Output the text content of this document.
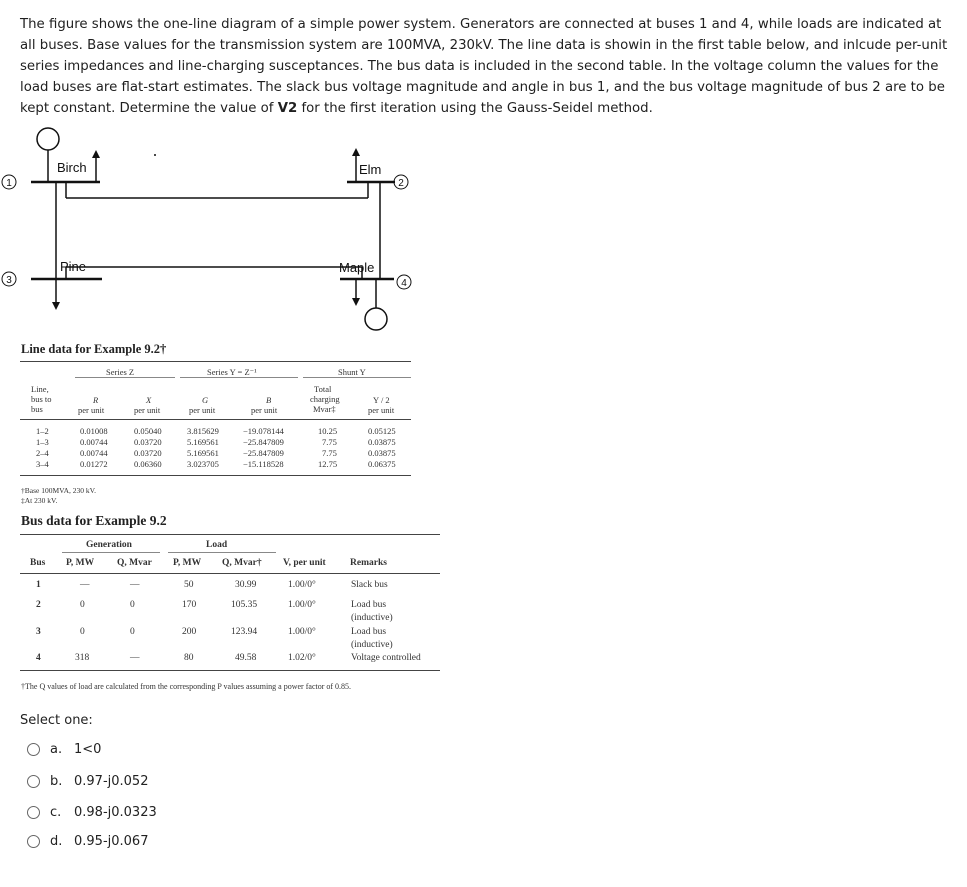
The figure shows the one-line diagram of a simple power system. Generators are connected at buses 1 and 4, while loads are indicated at all buses. Base values for the transmission system are 100MVA, 230kV. The line data is showin in the first table below, and inlcude per-unit series impedances and line-charging susceptances. The bus data is included in the second table. In the voltage column the values for the load buses are flat-start estimates. The slack bus voltage magnitude and angle in bus 1, and the bus voltage magnitude of bus 2 are to be kept constant. Determine the value of V2 for the first iteration using the Gauss-Seidel method.
1	2
3	4
Birch	Elm
Pine	Maple
Line data for Example 9.2†
Series Z	Series Y = Z⁻¹	Shunt Y
Line,
bus to
bus
R
per unit
X
per unit
G
per unit
B
per unit
Total
charging
Mvar‡
Y / 2
per unit
1–2	0.01008	0.05040	3.815629	−19.078144	10.25	0.05125
1–3	0.00744	0.03720	5.169561	−25.847809	7.75	0.03875
2–4	0.00744	0.03720	5.169561	−25.847809	7.75	0.03875
3–4	0.01272	0.06360	3.023705	−15.118528	12.75	0.06375
†Base 100MVA, 230 kV.
‡At 230 kV.
Bus data for Example 9.2
Generation	Load
Bus P, MW Q, Mvar P, MW Q, Mvar† V, per unit	Remarks
1	—	—	50	30.99	1.00/0°	Slack bus
2	0	0	170	105.35	1.00/0°	Load bus
(inductive)
3	0	0	200	123.94	1.00/0°	Load bus
(inductive)
4	318	—	80	49.58	1.02/0°	Voltage controlled
†The Q values of load are calculated from the corresponding P values assuming a power factor of 0.85.
Select one:
a. 1<0
b. 0.97-j0.052
c. 0.98-j0.0323
d. 0.95-j0.067
